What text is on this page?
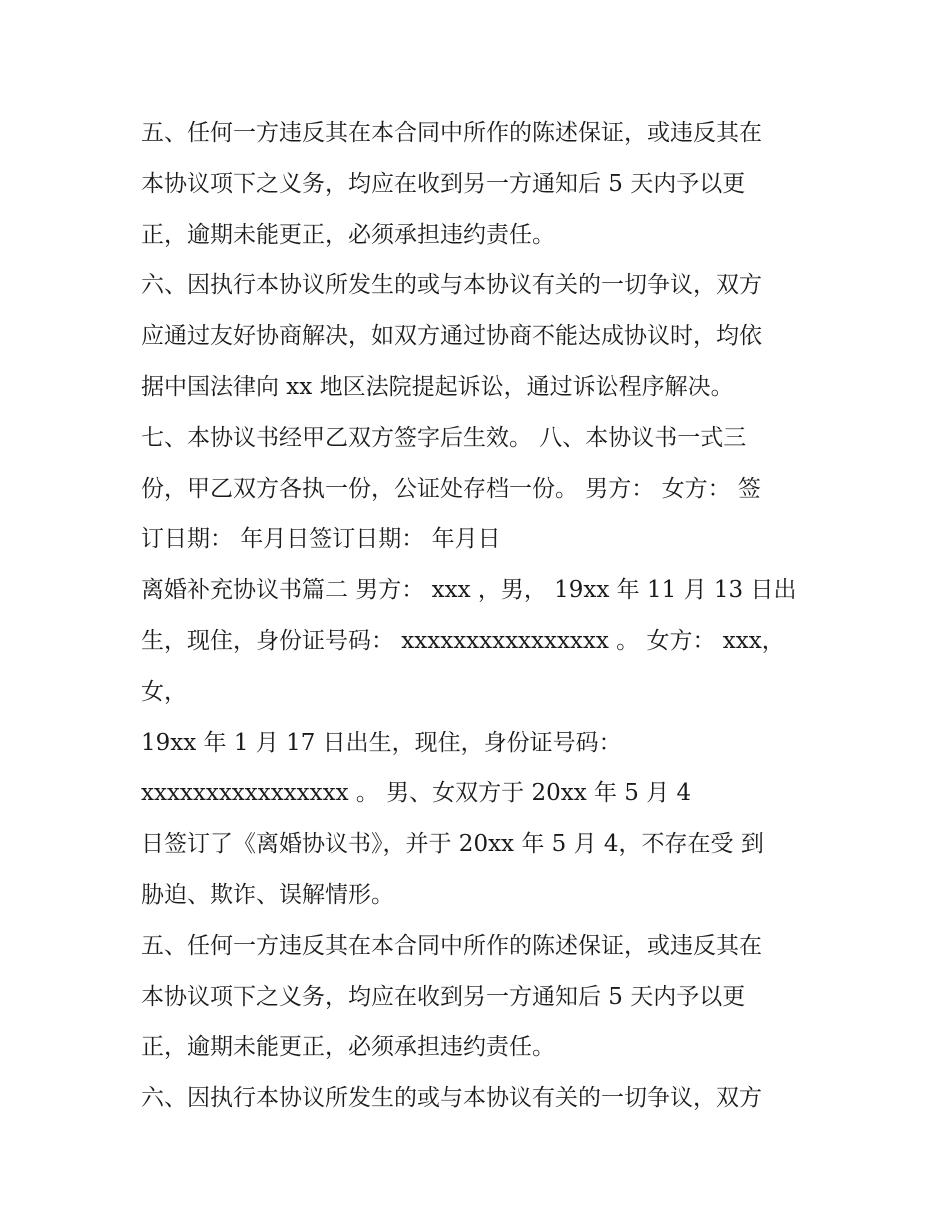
五、任何一方违反其在本合同中所作的陈述保证，或违反其在
本协议项下之义务，均应在收到另一方通知后 5 天内予以更
正，逾期未能更正，必须承担违约责任。
六、因执行本协议所发生的或与本协议有关的一切争议，双方
应通过友好协商解决，如双方通过协商不能达成协议时，均依
据中国法律向 xx 地区法院提起诉讼，通过诉讼程序解决。
七、本协议书经甲乙双方签字后生效。 八、本协议书一式三
份，甲乙双方各执一份，公证处存档一份。 男方： 女方： 签
订日期： 年月日签订日期： 年月日
离婚补充协议书篇二 男方： xxx ，男， 19xx 年 11 月 13 日出
生，现住，身份证号码： xxxxxxxxxxxxxxxx 。 女方： xxx，
女，
19xx 年 1 月 17 日出生，现住，身份证号码：
xxxxxxxxxxxxxxxx 。 男、女双方于 20xx 年 5 月 4
日签订了《离婚协议书》，并于 20xx 年 5 月 4，不存在受 到
胁迫、欺诈、误解情形。
五、任何一方违反其在本合同中所作的陈述保证，或违反其在
本协议项下之义务，均应在收到另一方通知后 5 天内予以更
正，逾期未能更正，必须承担违约责任。
六、因执行本协议所发生的或与本协议有关的一切争议，双方
